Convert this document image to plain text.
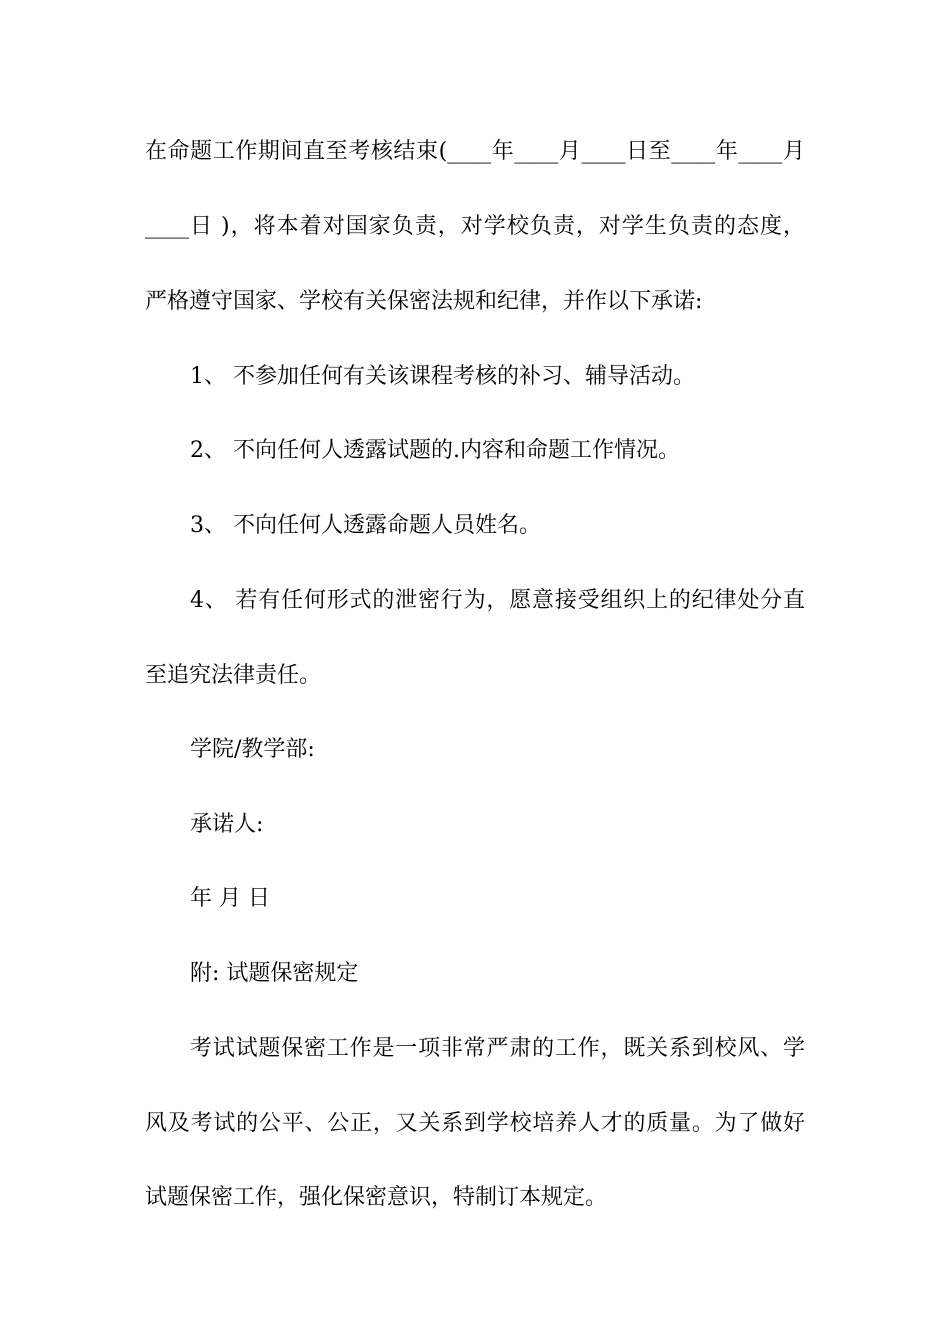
在命题工作期间直至考核结束(____年____月____日至____年____月
____日 )，将本着对国家负责，对学校负责，对学生负责的态度，
严格遵守国家、学校有关保密法规和纪律，并作以下承诺:
1、 不参加任何有关该课程考核的补习、辅导活动。
2、 不向任何人透露试题的.内容和命题工作情况。
3、 不向任何人透露命题人员姓名。
4、 若有任何形式的泄密行为，愿意接受组织上的纪律处分直
至追究法律责任。
学院/教学部:
承诺人:
年 月 日
附: 试题保密规定
考试试题保密工作是一项非常严肃的工作，既关系到校风、学
风及考试的公平、公正，又关系到学校培养人才的质量。为了做好
试题保密工作，强化保密意识，特制订本规定。
